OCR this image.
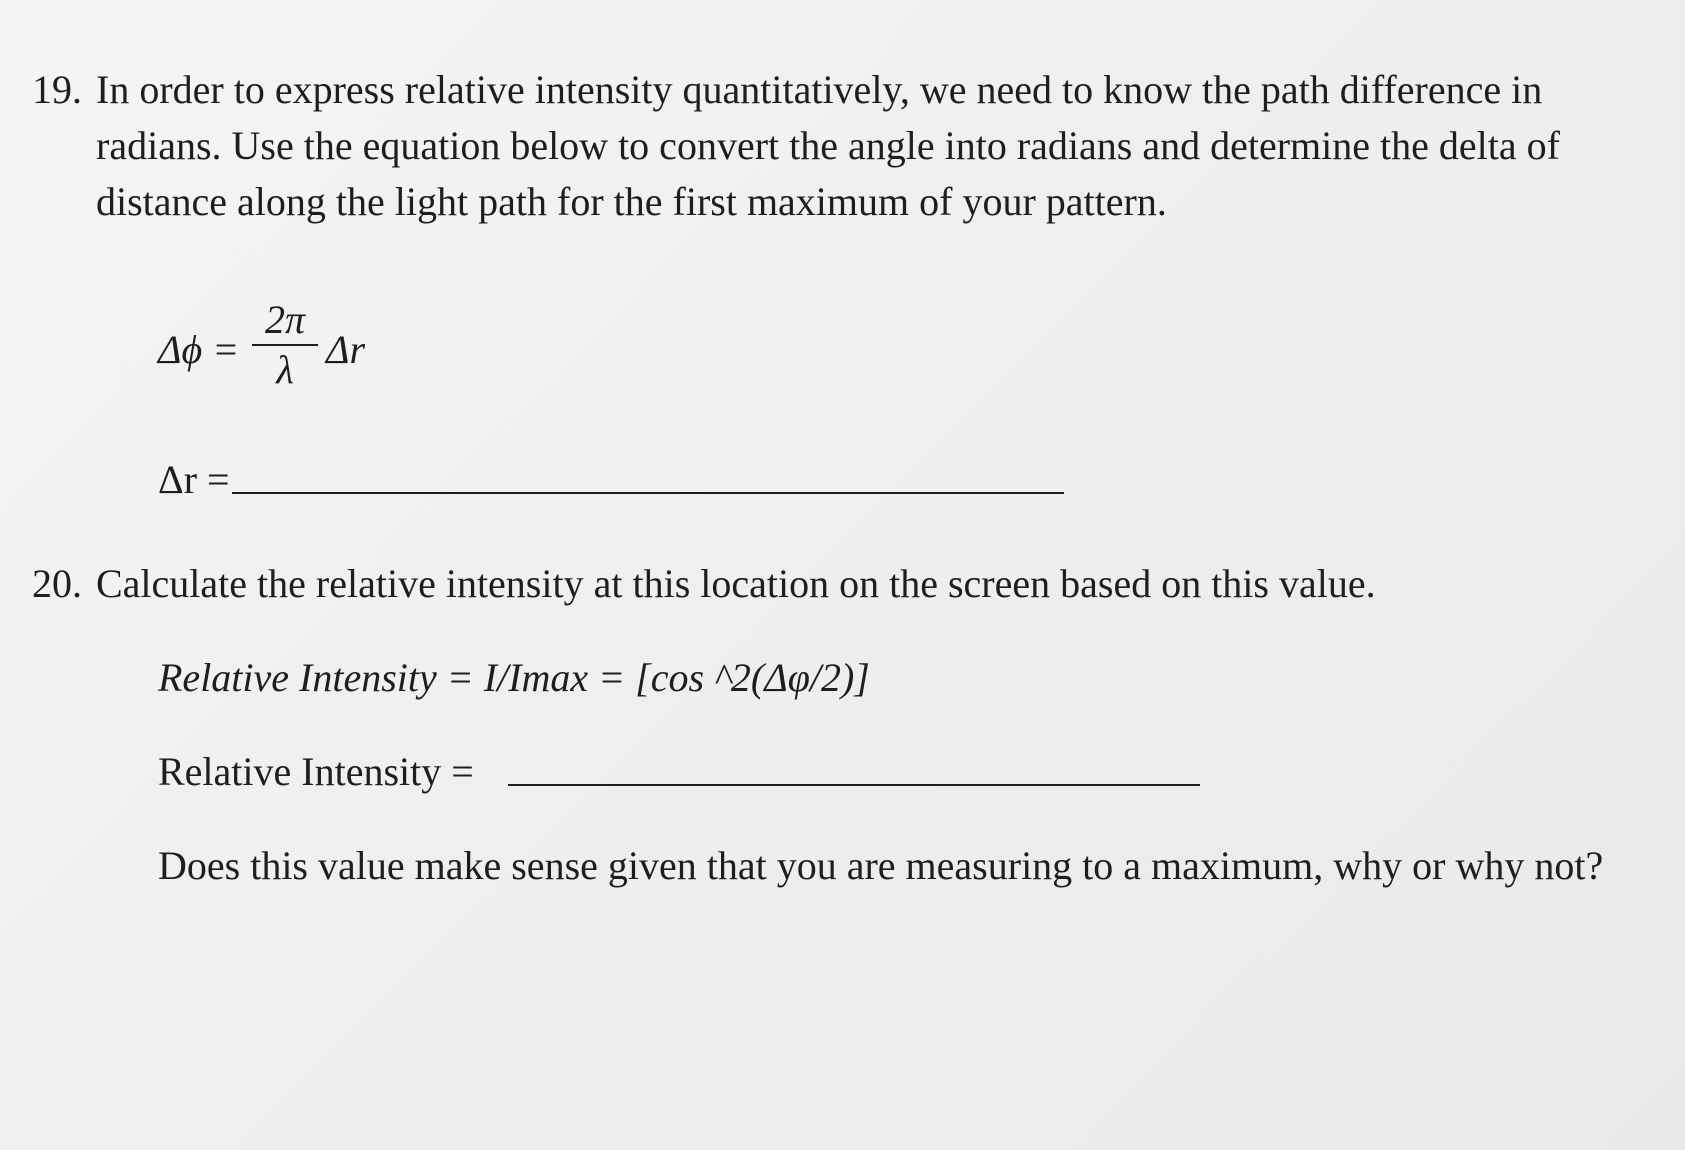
19. In order to express relative intensity quantitatively, we need to know the path difference in radians. Use the equation below to convert the angle into radians and determine the delta of distance along the light path for the first maximum of your pattern.
Δϕ =
2π
λ Δr
Δr =
20. Calculate the relative intensity at this location on the screen based on this value.
Relative Intensity = I/Imax = [cos ^2(Δφ/2)]
Relative Intensity =
Does this value make sense given that you are measuring to a maximum, why or why not?
